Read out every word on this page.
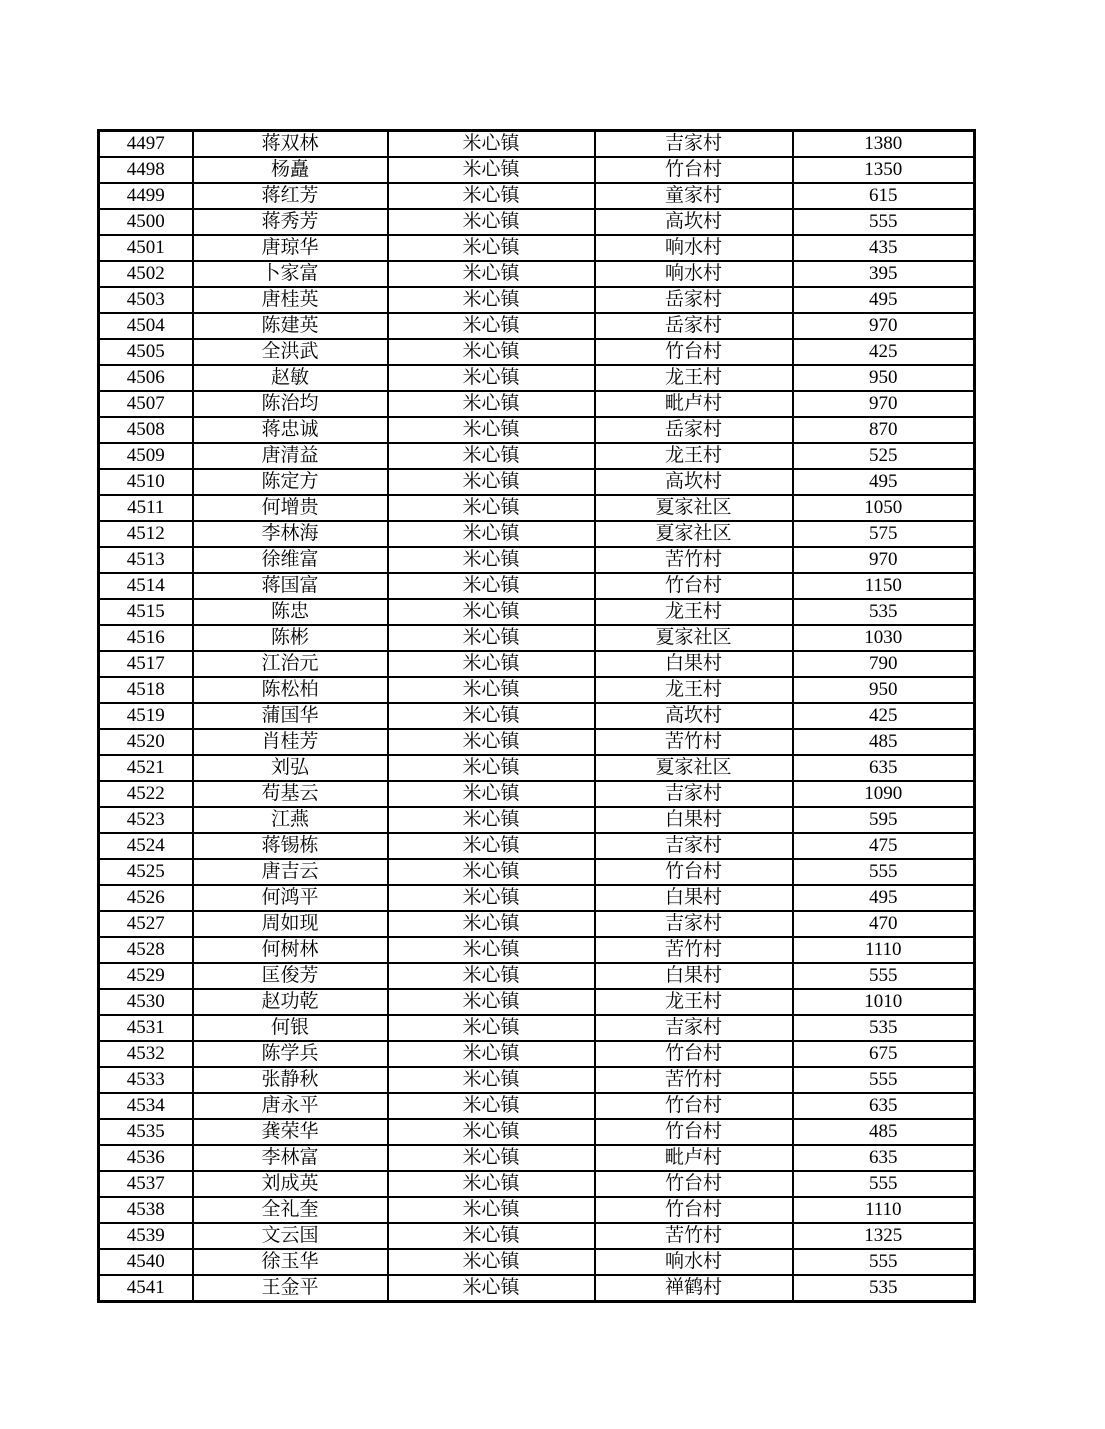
4497	蒋双林	米心镇	吉家村	1380
4498	杨矗	米心镇	竹台村	1350
4499	蒋红芳	米心镇	童家村	615
4500	蒋秀芳	米心镇	高坎村	555
4501	唐琼华	米心镇	响水村	435
4502	卜家富	米心镇	响水村	395
4503	唐桂英	米心镇	岳家村	495
4504	陈建英	米心镇	岳家村	970
4505	全洪武	米心镇	竹台村	425
4506	赵敏	米心镇	龙王村	950
4507	陈治均	米心镇	毗卢村	970
4508	蒋忠诚	米心镇	岳家村	870
4509	唐清益	米心镇	龙王村	525
4510	陈定方	米心镇	高坎村	495
4511	何增贵	米心镇	夏家社区	1050
4512	李林海	米心镇	夏家社区	575
4513	徐维富	米心镇	苦竹村	970
4514	蒋国富	米心镇	竹台村	1150
4515	陈忠	米心镇	龙王村	535
4516	陈彬	米心镇	夏家社区	1030
4517	江治元	米心镇	白果村	790
4518	陈松柏	米心镇	龙王村	950
4519	蒲国华	米心镇	高坎村	425
4520	肖桂芳	米心镇	苦竹村	485
4521	刘弘	米心镇	夏家社区	635
4522	苟基云	米心镇	吉家村	1090
4523	江燕	米心镇	白果村	595
4524	蒋锡栋	米心镇	吉家村	475
4525	唐吉云	米心镇	竹台村	555
4526	何鸿平	米心镇	白果村	495
4527	周如现	米心镇	吉家村	470
4528	何树林	米心镇	苦竹村	1110
4529	匡俊芳	米心镇	白果村	555
4530	赵功乾	米心镇	龙王村	1010
4531	何银	米心镇	吉家村	535
4532	陈学兵	米心镇	竹台村	675
4533	张静秋	米心镇	苦竹村	555
4534	唐永平	米心镇	竹台村	635
4535	龚荣华	米心镇	竹台村	485
4536	李林富	米心镇	毗卢村	635
4537	刘成英	米心镇	竹台村	555
4538	全礼奎	米心镇	竹台村	1110
4539	文云国	米心镇	苦竹村	1325
4540	徐玉华	米心镇	响水村	555
4541	王金平	米心镇	禅鹤村	535
